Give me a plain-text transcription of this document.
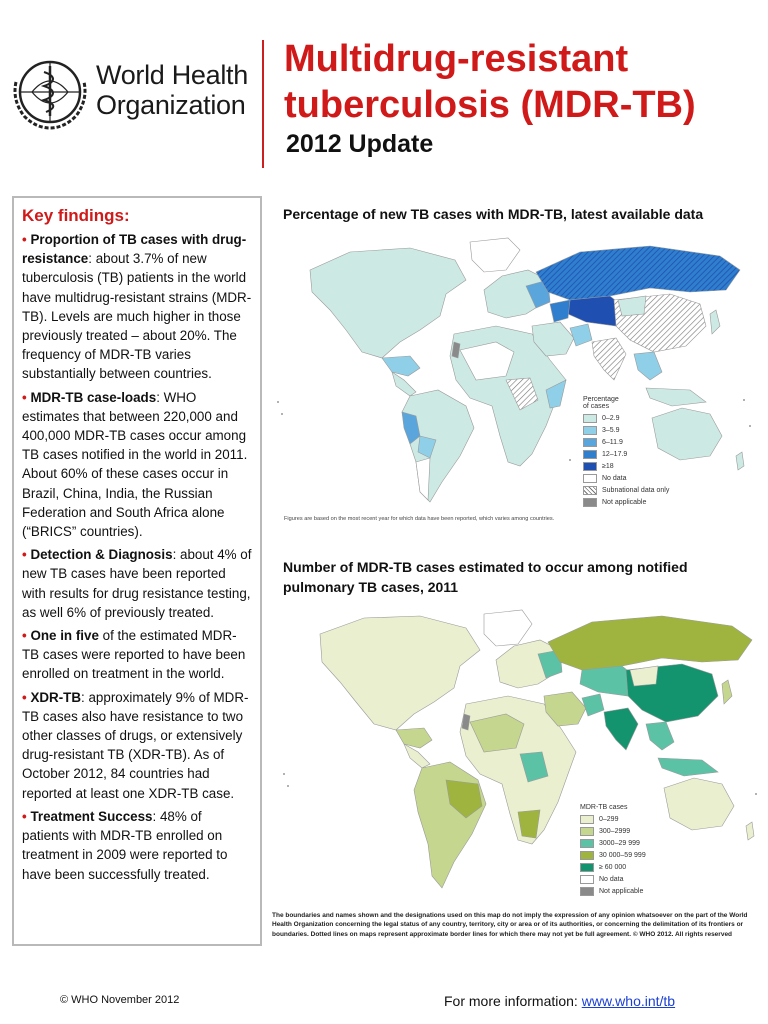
World Health
Organization
Multidrug-resistant
tuberculosis (MDR-TB)
2012 Update
Key findings:

• Proportion of TB cases with drug-resistance: about 3.7% of new tuberculosis (TB) patients in the world have multidrug-resistant strains (MDR-TB). Levels are much higher in those previously treated – about 20%. The frequency of MDR-TB varies substantially between countries.

• MDR-TB case-loads: WHO estimates that between 220,000 and 400,000 MDR-TB cases occur among TB cases notified in the world in 2011. About 60% of these cases occur in Brazil, China, India, the Russian Federation and South Africa alone (“BRICS” countries).

• Detection & Diagnosis: about 4% of new TB cases have been reported with results for drug resistance testing, as well 6% of previously treated.

• One in five of the estimated MDR-TB cases were reported to have been enrolled on treatment in the world.

• XDR-TB: approximately 9% of MDR-TB cases also have resistance to two other classes of drugs, or extensively drug-resistant TB (XDR-TB). As of October 2012, 84 countries had reported at least one XDR-TB case.

• Treatment Success: 48% of patients with MDR-TB enrolled on treatment in 2009 were reported to have been successfully treated.

Percentage of new TB cases with MDR-TB, latest available data
Percentage
of cases
0–2.9
3–5.9
6–11.9
12–17.9
≥18
No data
Subnational data only
Not applicable
Figures are based on the most recent year for which data have been reported, which varies among countries.
Number of MDR-TB cases estimated to occur among notified pulmonary TB cases, 2011
MDR-TB cases
0–299
300–2999
3000–29 999
30 000–59 999
≥ 60 000
No data
Not applicable
The boundaries and names shown and the designations used on this map do not imply the expression of any opinion whatsoever on the part of the World Health Organization concerning the legal status of any country, territory, city or area or of its authorities, or concerning the delimitation of its frontiers or boundaries. Dotted lines on maps represent approximate border lines for which there may not yet be full agreement. © WHO 2012. All rights reserved
© WHO November 2012	For more information: www.who.int/tb
